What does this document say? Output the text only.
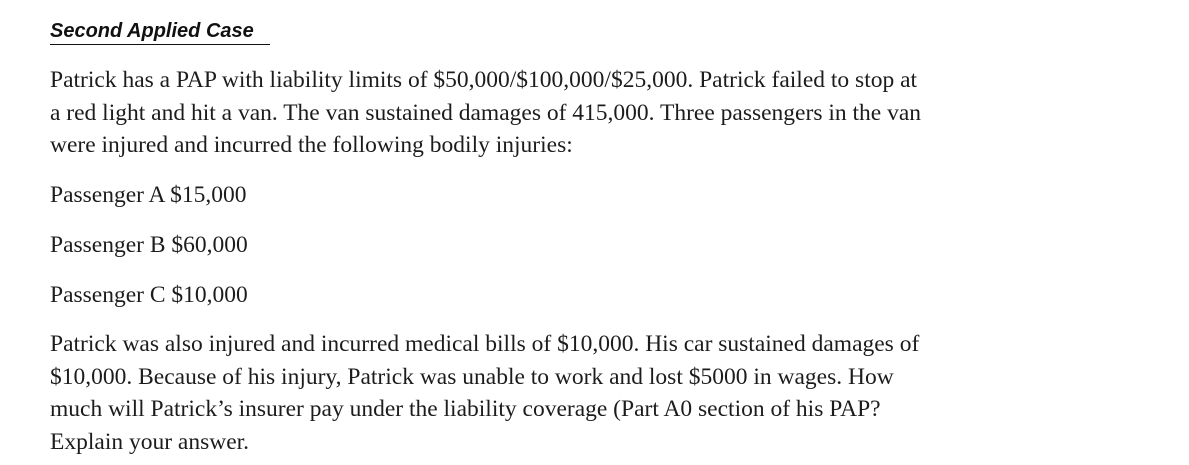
Second Applied Case

Patrick has a PAP with liability limits of $50,000/$100,000/$25,000. Patrick failed to stop at
a red light and hit a van. The van sustained damages of 415,000. Three passengers in the van
were injured and incurred the following bodily injuries:

Passenger A $15,000
Passenger B $60,000
Passenger C $10,000

Patrick was also injured and incurred medical bills of $10,000. His car sustained damages of
$10,000. Because of his injury, Patrick was unable to work and lost $5000 in wages. How
much will Patrick’s insurer pay under the liability coverage (Part A0 section of his PAP?
Explain your answer.
